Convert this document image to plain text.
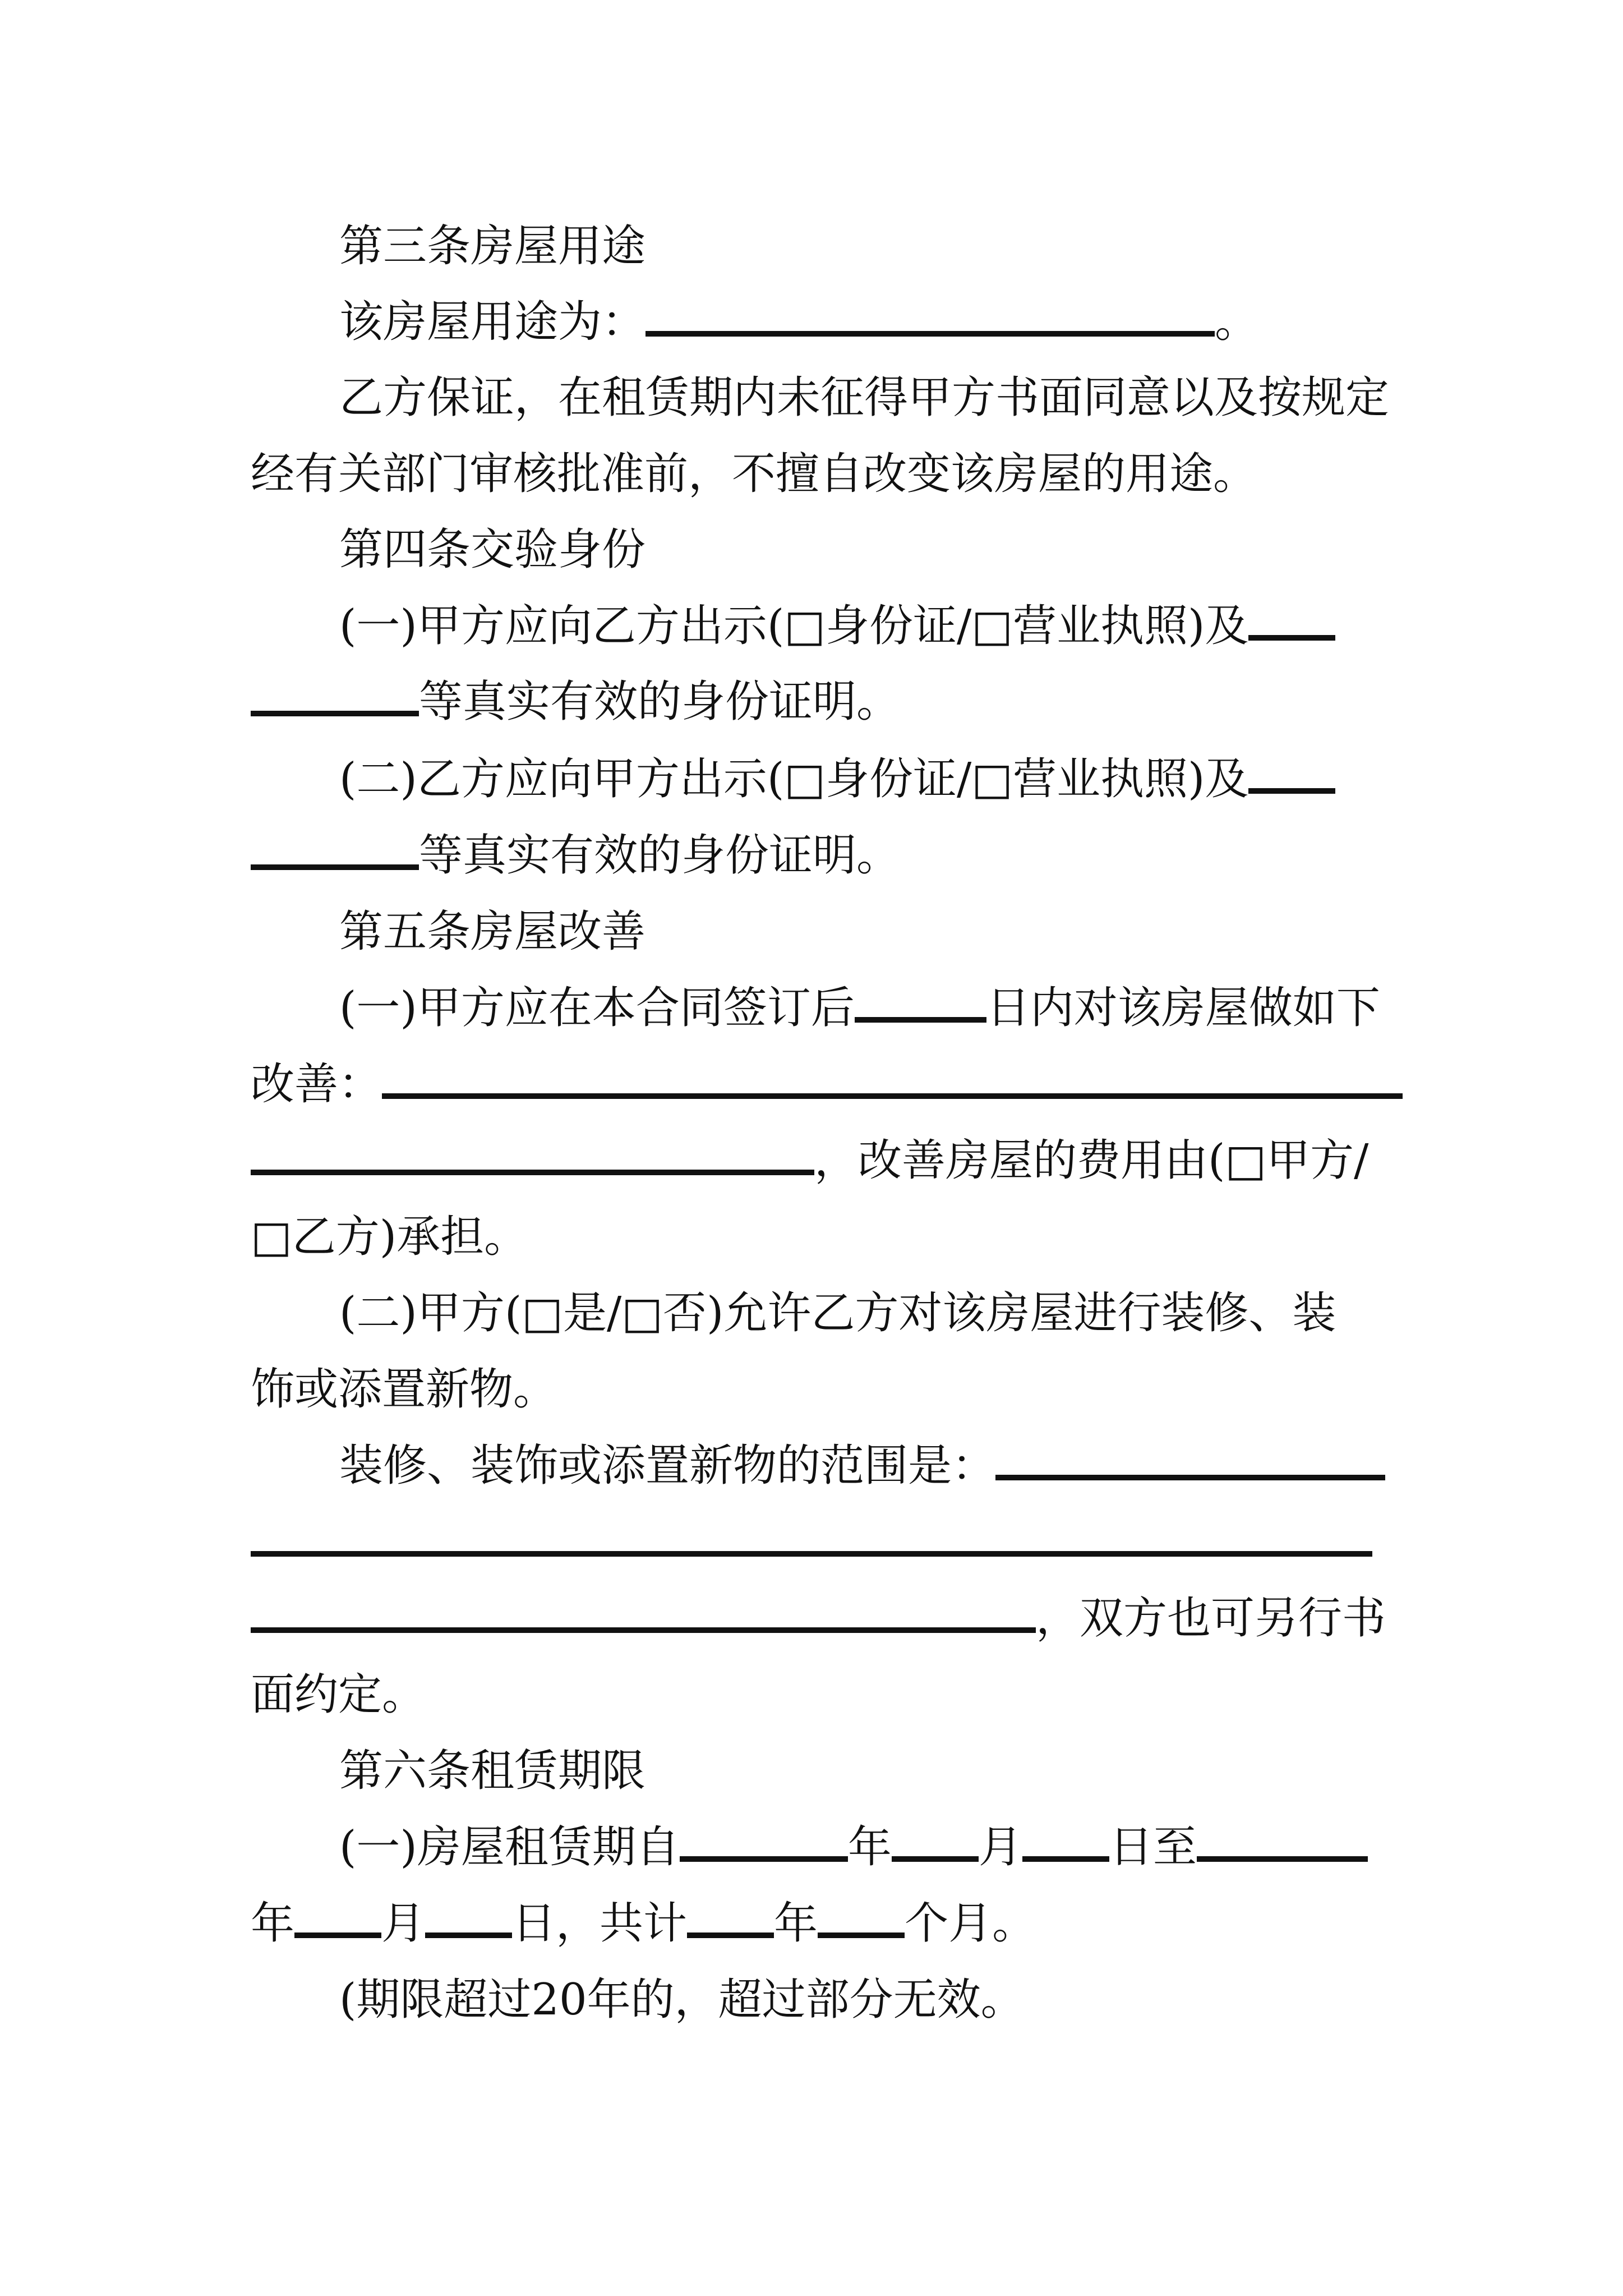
第三条房屋用途
该房屋用途为：	。
乙方保证，在租赁期内未征得甲方书面同意以及按规定
经有关部门审核批准前，不擅自改变该房屋的用途。
第四条交验身份
(一)甲方应向乙方出示(□身份证/□营业执照)及
等真实有效的身份证明。
(二)乙方应向甲方出示(□身份证/□营业执照)及
等真实有效的身份证明。
第五条房屋改善
(一)甲方应在本合同签订后	日内对该房屋做如下
改善：
，改善房屋的费用由(□甲方/
□乙方)承担。
(二)甲方(□是/□否)允许乙方对该房屋进行装修、装
饰或添置新物。
装修、装饰或添置新物的范围是：
，双方也可另行书
面约定。
第六条租赁期限
(一)房屋租赁期自	年 月 日至
年 月 日，共计 年 个月。
(期限超过20年的，超过部分无效。
